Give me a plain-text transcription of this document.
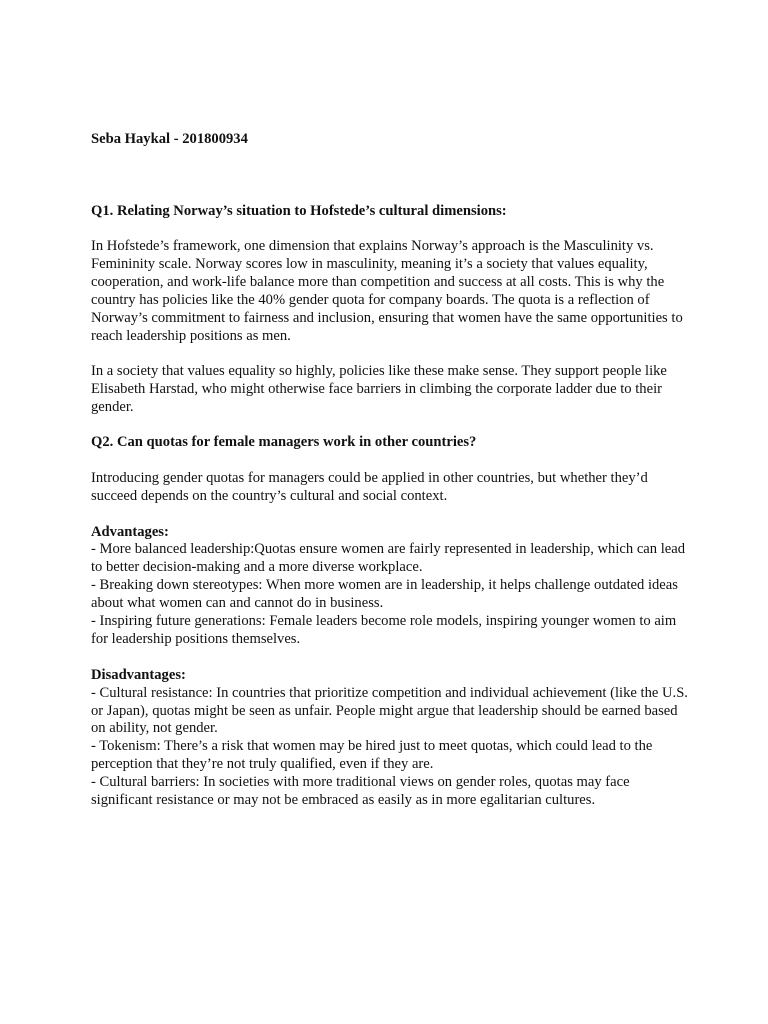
Seba Haykal - 201800934

Q1. Relating Norway’s situation to Hofstede’s cultural dimensions:

In Hofstede’s framework, one dimension that explains Norway’s approach is the Masculinity vs. Femininity scale. Norway scores low in masculinity, meaning it’s a society that values equality, cooperation, and work-life balance more than competition and success at all costs. This is why the country has policies like the 40% gender quota for company boards. The quota is a reflection of Norway’s commitment to fairness and inclusion, ensuring that women have the same opportunities to reach leadership positions as men.

In a society that values equality so highly, policies like these make sense. They support people like Elisabeth Harstad, who might otherwise face barriers in climbing the corporate ladder due to their gender.

Q2. Can quotas for female managers work in other countries?

Introducing gender quotas for managers could be applied in other countries, but whether they’d succeed depends on the country’s cultural and social context.

Advantages:

- More balanced leadership:Quotas ensure women are fairly represented in leadership, which can lead to better decision-making and a more diverse workplace.

- Breaking down stereotypes: When more women are in leadership, it helps challenge outdated ideas about what women can and cannot do in business.

- Inspiring future generations: Female leaders become role models, inspiring younger women to aim for leadership positions themselves.

Disadvantages:

- Cultural resistance: In countries that prioritize competition and individual achievement (like the U.S. or Japan), quotas might be seen as unfair. People might argue that leadership should be earned based on ability, not gender.

- Tokenism: There’s a risk that women may be hired just to meet quotas, which could lead to the perception that they’re not truly qualified, even if they are.

- Cultural barriers: In societies with more traditional views on gender roles, quotas may face significant resistance or may not be embraced as easily as in more egalitarian cultures.
